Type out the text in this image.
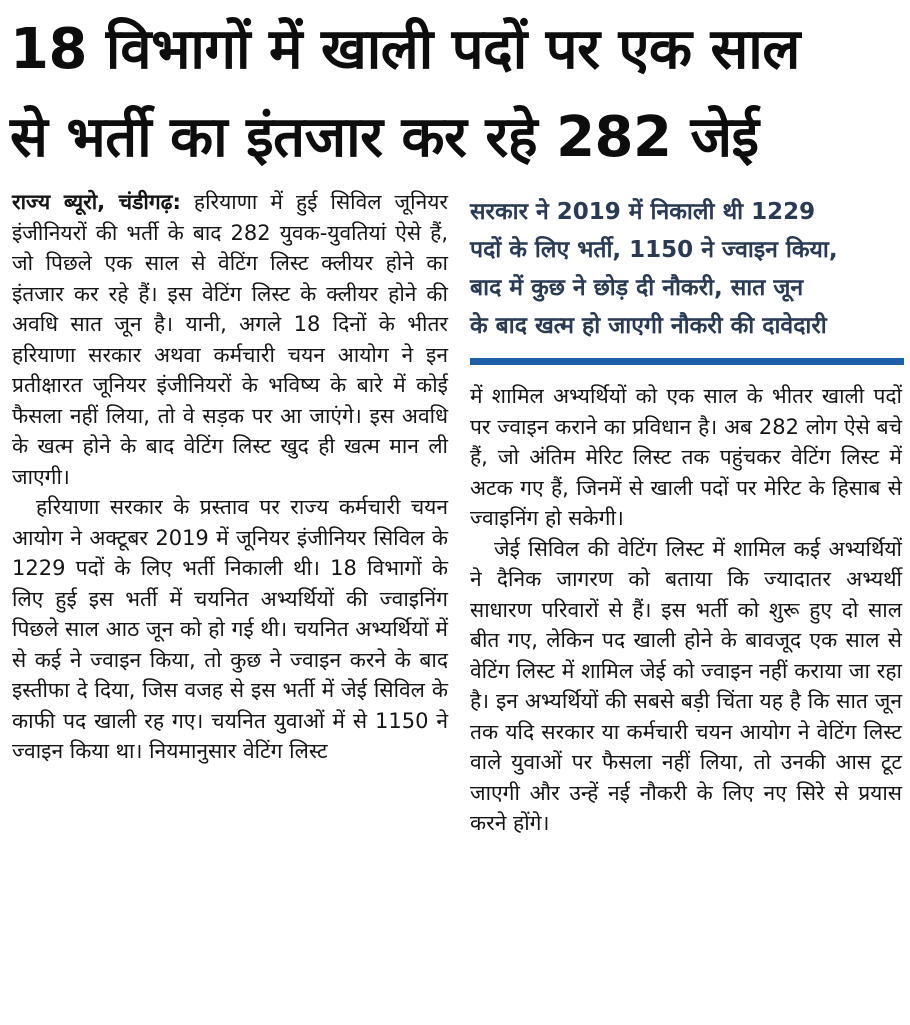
18 विभागों में खाली पदों पर एक साल
से भर्ती का इंतजार कर रहे 282 जेई

राज्य ब्यूरो, चंडीगढ़: हरियाणा में हुई सिविल जूनियर इंजीनियरों की भर्ती के बाद 282 युवक-युवतियां ऐसे हैं, जो पिछले एक साल से वेटिंग लिस्ट क्लीयर होने का इंतजार कर रहे हैं। इस वेटिंग लिस्ट के क्लीयर होने की अवधि सात जून है। यानी, अगले 18 दिनों के भीतर हरियाणा सरकार अथवा कर्मचारी चयन आयोग ने इन प्रतीक्षारत जूनियर इंजीनियरों के भविष्य के बारे में कोई फैसला नहीं लिया, तो वे सड़क पर आ जाएंगे। इस अवधि के खत्म होने के बाद वेटिंग लिस्ट खुद ही खत्म मान ली जाएगी।

हरियाणा सरकार के प्रस्ताव पर राज्य कर्मचारी चयन आयोग ने अक्टूबर 2019 में जूनियर इंजीनियर सिविल के 1229 पदों के लिए भर्ती निकाली थी। 18 विभागों के लिए हुई इस भर्ती में चयनित अभ्यर्थियों की ज्वाइनिंग पिछले साल आठ जून को हो गई थी। चयनित अभ्यर्थियों में से कई ने ज्वाइन किया, तो कुछ ने ज्वाइन करने के बाद इस्तीफा दे दिया, जिस वजह से इस भर्ती में जेई सिविल के काफी पद खाली रह गए। चयनित युवाओं में से 1150 ने ज्वाइन किया था। नियमानुसार वेटिंग लिस्ट

सरकार ने 2019 में निकाली थी 1229
पदों के लिए भर्ती, 1150 ने ज्वाइन किया,
बाद में कुछ ने छोड़ दी नौकरी, सात जून
के बाद खत्म हो जाएगी नौकरी की दावेदारी

में शामिल अभ्यर्थियों को एक साल के भीतर खाली पदों पर ज्वाइन कराने का प्रविधान है। अब 282 लोग ऐसे बचे हैं, जो अंतिम मेरिट लिस्ट तक पहुंचकर वेटिंग लिस्ट में अटक गए हैं, जिनमें से खाली पदों पर मेरिट के हिसाब से ज्वाइनिंग हो सकेगी।

जेई सिविल की वेटिंग लिस्ट में शामिल कई अभ्यर्थियों ने दैनिक जागरण को बताया कि ज्यादातर अभ्यर्थी साधारण परिवारों से हैं। इस भर्ती को शुरू हुए दो साल बीत गए, लेकिन पद खाली होने के बावजूद एक साल से वेटिंग लिस्ट में शामिल जेई को ज्वाइन नहीं कराया जा रहा है। इन अभ्यर्थियों की सबसे बड़ी चिंता यह है कि सात जून तक यदि सरकार या कर्मचारी चयन आयोग ने वेटिंग लिस्ट वाले युवाओं पर फैसला नहीं लिया, तो उनकी आस टूट जाएगी और उन्हें नई नौकरी के लिए नए सिरे से प्रयास करने होंगे।
